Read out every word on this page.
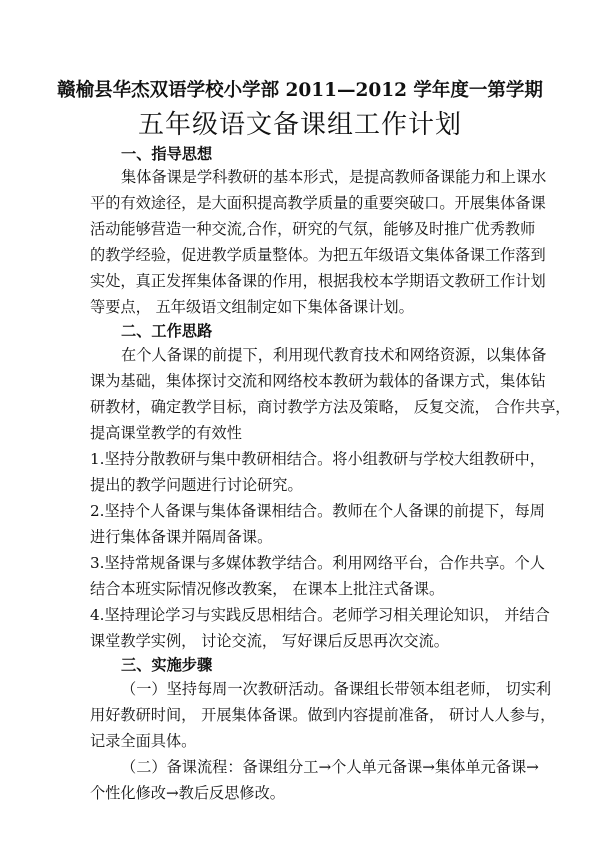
赣榆县华杰双语学校小学部 2011—2012 学年度一第学期
五年级语文备课组工作计划
一、指导思想
集体备课是学科教研的基本形式，是提高教师备课能力和上课水
平的有效途径，是大面积提高教学质量的重要突破口。开展集体备课
活动能够营造一种交流,合作，研究的气氛，能够及时推广优秀教师
的教学经验，促进教学质量整体。为把五年级语文集体备课工作落到
实处，真正发挥集体备课的作用，根据我校本学期语文教研工作计划
等要点， 五年级语文组制定如下集体备课计划。
二、工作思路
在个人备课的前提下，利用现代教育技术和网络资源，以集体备
课为基础，集体探讨交流和网络校本教研为载体的备课方式，集体钻
研教材，确定教学目标，商讨教学方法及策略， 反复交流， 合作共享，
提高课堂教学的有效性
1.坚持分散教研与集中教研相结合。将小组教研与学校大组教研中，
提出的教学问题进行讨论研究。
2.坚持个人备课与集体备课相结合。教师在个人备课的前提下，每周
进行集体备课并隔周备课。
3.坚持常规备课与多媒体教学结合。利用网络平台，合作共享。个人
结合本班实际情况修改教案， 在课本上批注式备课。
4.坚持理论学习与实践反思相结合。老师学习相关理论知识， 并结合
课堂教学实例， 讨论交流， 写好课后反思再次交流。
三、实施步骤
（一）坚持每周一次教研活动。备课组长带领本组老师， 切实利
用好教研时间， 开展集体备课。做到内容提前准备， 研讨人人参与，
记录全面具体。
（二）备课流程：备课组分工→个人单元备课→集体单元备课→
个性化修改→教后反思修改。
